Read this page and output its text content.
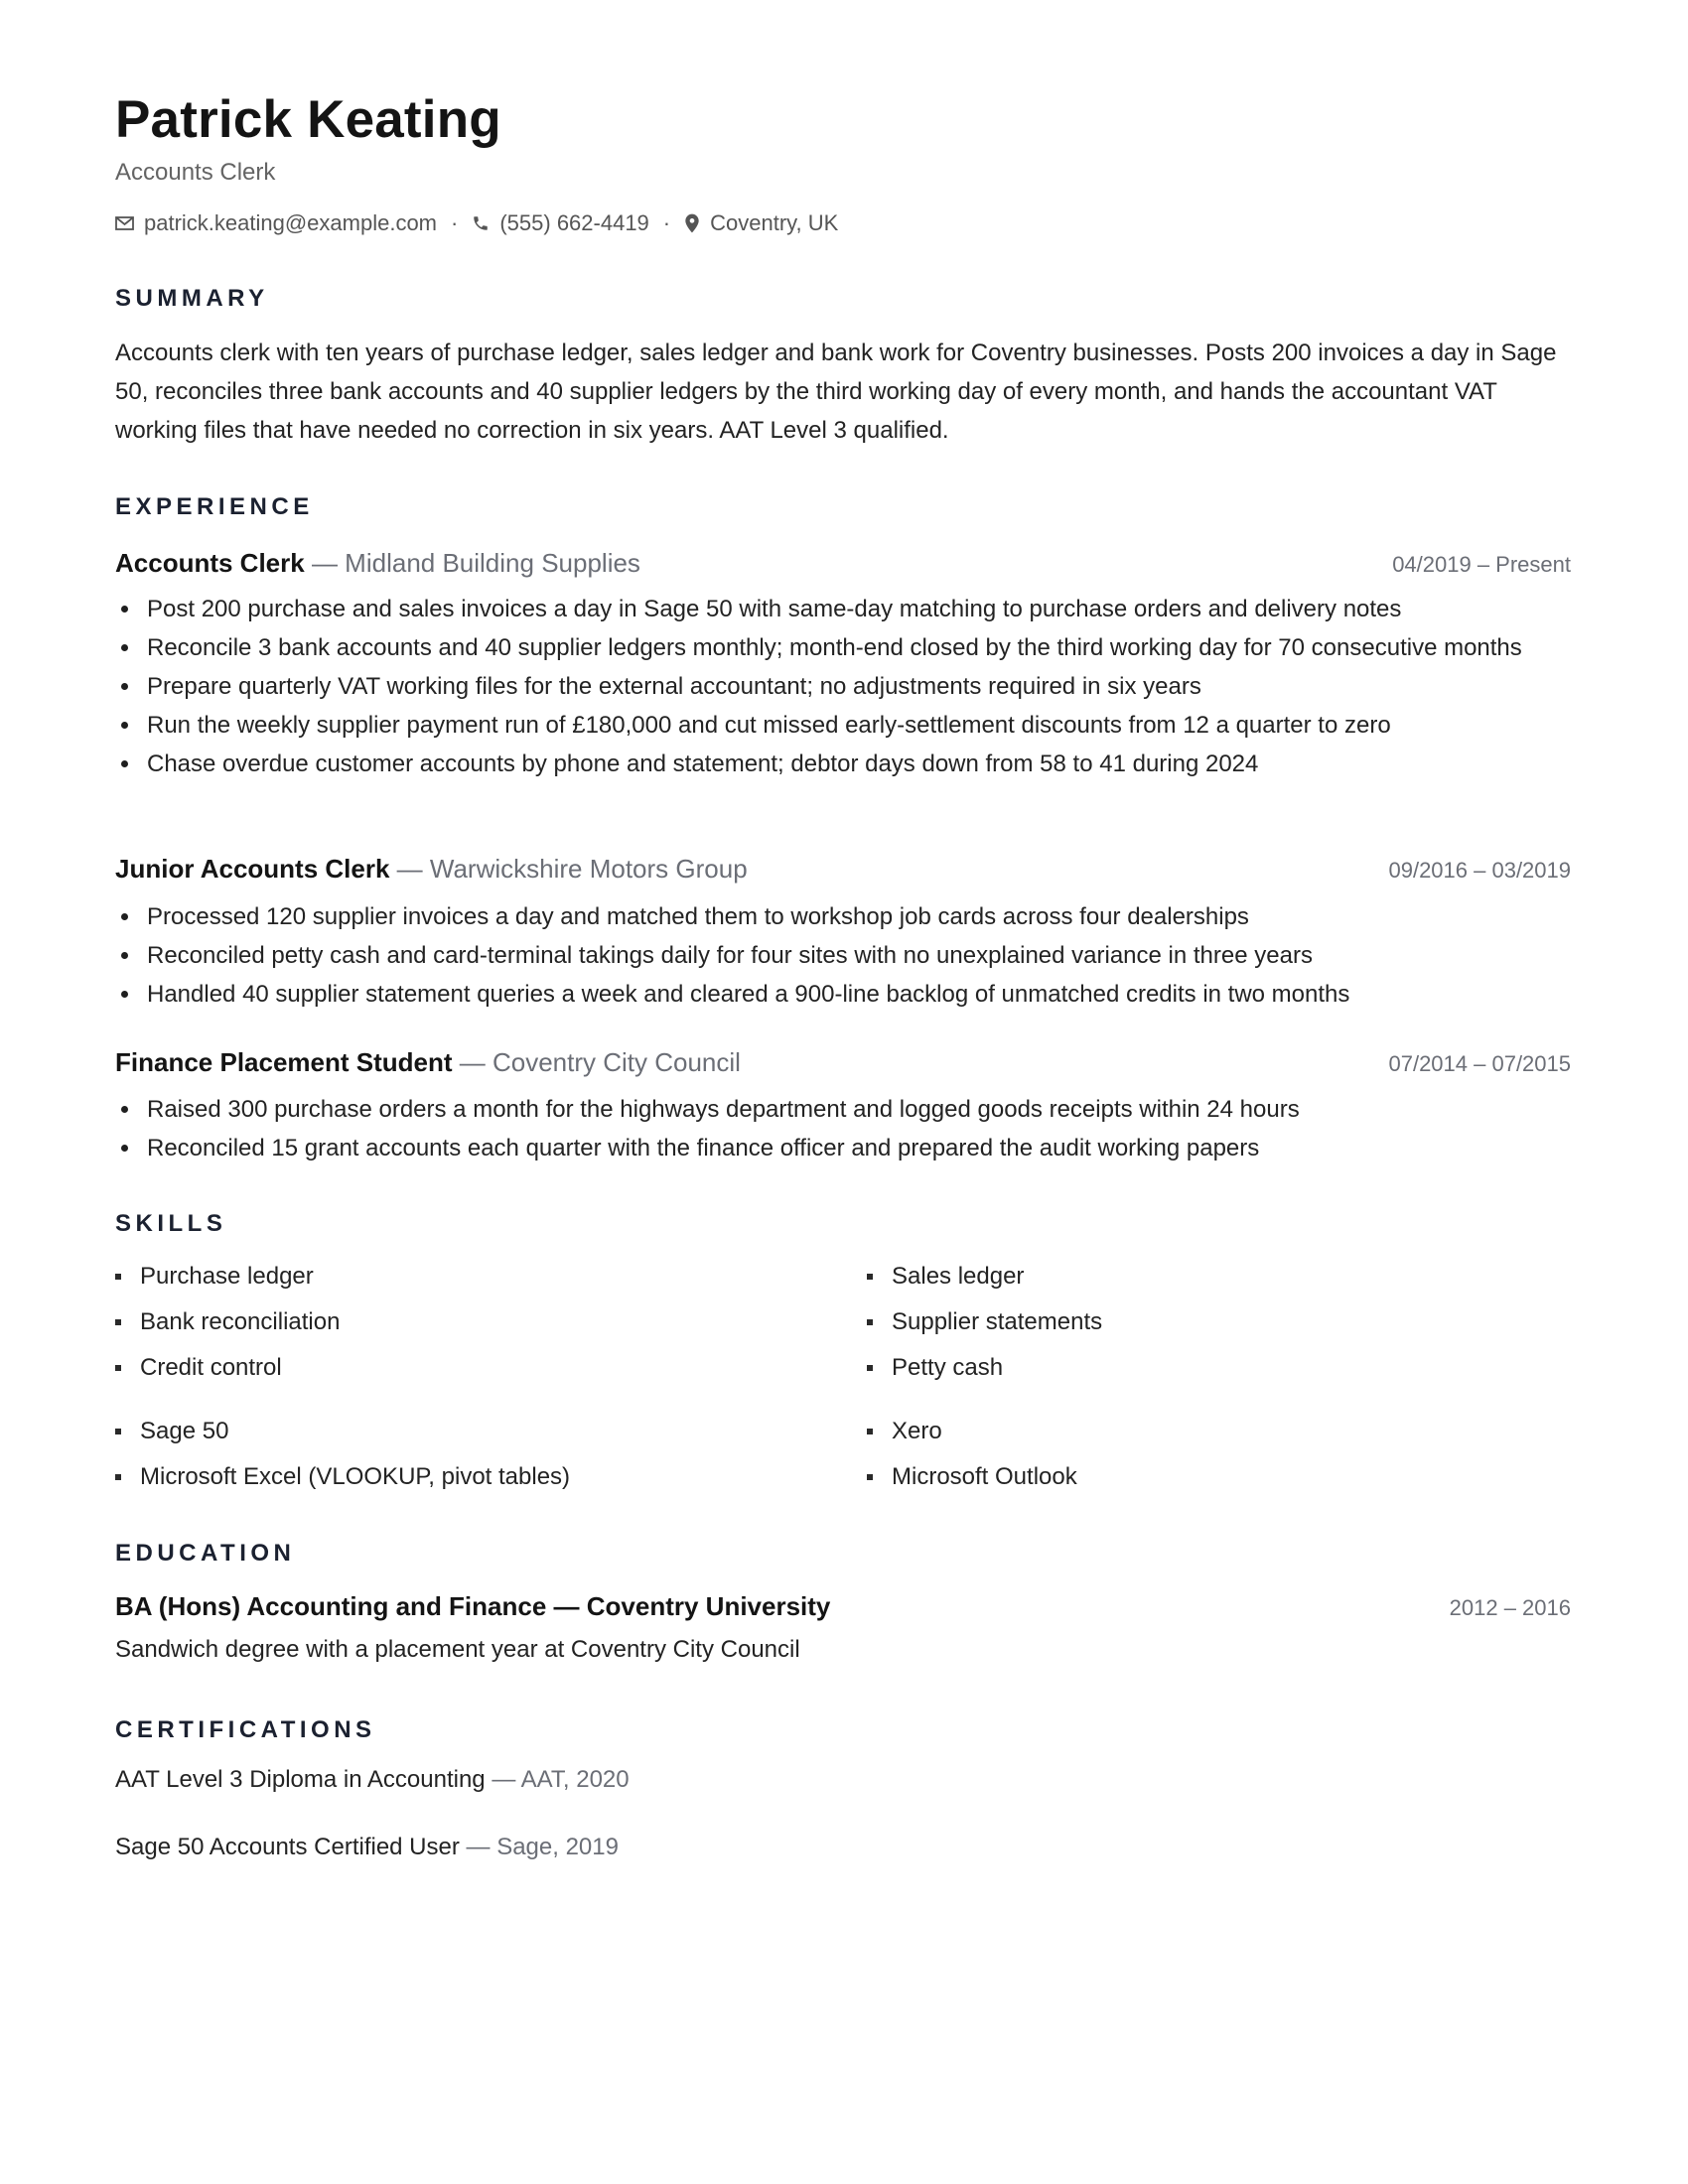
Patrick Keating
Accounts Clerk
patrick.keating@example.com · (555) 662-4419 · Coventry, UK
SUMMARY

Accounts clerk with ten years of purchase ledger, sales ledger and bank work for Coventry businesses. Posts 200 invoices a day in Sage 50, reconciles three bank accounts and 40 supplier ledgers by the third working day of every month, and hands the accountant VAT working files that have needed no correction in six years. AAT Level 3 qualified.

EXPERIENCE
Accounts Clerk — Midland Building Supplies	04/2019 – Present
Post 200 purchase and sales invoices a day in Sage 50 with same-day matching to purchase orders and delivery notes
Reconcile 3 bank accounts and 40 supplier ledgers monthly; month-end closed by the third working day for 70 consecutive months
Prepare quarterly VAT working files for the external accountant; no adjustments required in six years
Run the weekly supplier payment run of £180,000 and cut missed early-settlement discounts from 12 a quarter to zero
Chase overdue customer accounts by phone and statement; debtor days down from 58 to 41 during 2024
Junior Accounts Clerk — Warwickshire Motors Group	09/2016 – 03/2019
Processed 120 supplier invoices a day and matched them to workshop job cards across four dealerships
Reconciled petty cash and card-terminal takings daily for four sites with no unexplained variance in three years
Handled 40 supplier statement queries a week and cleared a 900-line backlog of unmatched credits in two months
Finance Placement Student — Coventry City Council	07/2014 – 07/2015
Raised 300 purchase orders a month for the highways department and logged goods receipts within 24 hours
Reconciled 15 grant accounts each quarter with the finance officer and prepared the audit working papers
SKILLS
Purchase ledger	Sales ledger
Bank reconciliation	Supplier statements
Credit control	Petty cash
Sage 50	Xero
Microsoft Excel (VLOOKUP, pivot tables)	Microsoft Outlook
EDUCATION
BA (Hons) Accounting and Finance — Coventry University	2012 – 2016
Sandwich degree with a placement year at Coventry City Council
CERTIFICATIONS
AAT Level 3 Diploma in Accounting — AAT, 2020
Sage 50 Accounts Certified User — Sage, 2019
